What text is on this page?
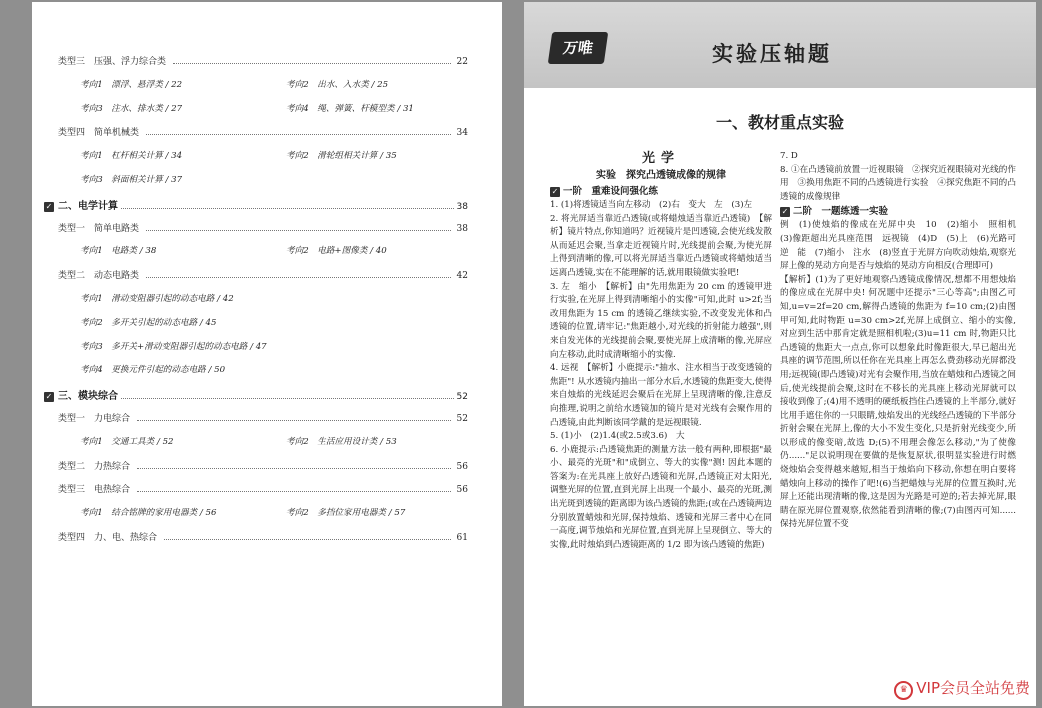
类型三　压强、浮力综合类	22
考向1　漂浮、悬浮类 / 22	考向2　出水、入水类 / 25
考向3　注水、排水类 / 27	考向4　绳、弹簧、杆模型类 / 31
类型四　简单机械类	34
考向1　杠杆相关计算 / 34	考向2　滑轮组相关计算 / 35
考向3　斜面相关计算 / 37
✓ 二、电学计算	38
类型一　简单电路类	38
考向1　电路类 / 38	考向2　电路+图像类 / 40
类型二　动态电路类	42
考向1　滑动变阻器引起的动态电路 / 42
考向2　多开关引起的动态电路 / 45
考向3　多开关+滑动变阻器引起的动态电路 / 47
考向4　更换元件引起的动态电路 / 50
✓ 三、模块综合	52
类型一　力电综合	52
考向1　交通工具类 / 52	考向2　生活应用设计类 / 53
类型二　力热综合	56
类型三　电热综合	56
考向1　结合铭牌的家用电器类 / 56	考向2　多挡位家用电器类 / 57
类型四　力、电、热综合	61
万唯	实验压轴题
一、教材重点实验
光学
实验　探究凸透镜成像的规律
✓ 一阶　重难设问强化练

1. (1)将透镜适当向左移动　(2)右　变大　左　(3)左

2. 将光屏适当靠近凸透镜(或将蜡烛适当靠近凸透镜)　【解析】镜片特点,你知道吗？近视镜片是凹透镜,会使光线发散从而延迟会聚,当拿走近视镜片时,光线提前会聚,为使光屏上得到清晰的像,可以将光屏适当靠近凸透镜或将蜡烛适当远离凸透镜,实在不能理解的话,就用眼镜做实验吧!

3. 左　缩小　【解析】由"先用焦距为 20 cm 的透镜甲进行实验,在光屏上得到清晰缩小的实像"可知,此时 u>2f;当改用焦距为 15 cm 的透镜乙继续实验,不改变发光体和凸透镜的位置,请牢记:"焦距越小,对光线的折射能力越强",则来自发光体的光线提前会聚,要使光屏上成清晰的像,光屏应向左移动,此时成清晰缩小的实像.

4. 远视　【解析】小鹿提示:"抽水、注水相当于改变透镜的焦距"! 从水透镜内抽出一部分水后,水透镜的焦距变大,使得来自烛焰的光线延迟会聚后在光屏上呈现清晰的像,注意反向推理,说明之前给水透镜加的镜片是对光线有会聚作用的凸透镜,由此判断该同学戴的是远视眼镜.

5. (1)小　(2)1.4(或2.5或3.6)　大

6. 小鹿提示:凸透镜焦距的测量方法一般有两种,即根据"最小、最亮的光斑"和"成倒立、等大的实像"测! 因此本题的答案为:在光具座上放好凸透镜和光屏,凸透镜正对太阳光,调整光屏的位置,直到光屏上出现一个最小、最亮的光斑,测出光斑到透镜的距离即为该凸透镜的焦距;(或在凸透镜两边分别放置蜡烛和光屏,保持烛焰、透镜和光屏三者中心在同一高度,调节烛焰和光屏位置,直到光屏上呈现倒立、等大的实像,此时烛焰到凸透镜距离的 1/2 即为该凸透镜的焦距)

7. D

8. ①在凸透镜前放置一近视眼镜　②探究近视眼镜对光线的作用　③换用焦距不同的凸透镜进行实验　④探究焦距不同的凸透镜的成像规律

✓ 二阶　一题练透一实验

例　(1)使烛焰的像成在光屏中央　10　(2)缩小　照相机　(3)像距超出光具座范围　远视镜　(4)D　(5)上　(6)光路可逆　能　(7)缩小　注水　(8)竖直于光屏方向吹动烛焰,观察光屏上像的晃动方向是否与烛焰的晃动方向相反(合理即可)

【解析】(1)为了更好地观察凸透镜成像情况,想都不用想烛焰的像应成在光屏中央! 何况题中还提示"三心等高";由图乙可知,u=v=2f=20 cm,解得凸透镜的焦距为 f=10 cm;(2)由图甲可知,此时物距 u=30 cm>2f,光屏上成倒立、缩小的实像,对应到生活中那肯定就是照相机啦;(3)u=11 cm 时,物距只比凸透镜的焦距大一点点,你可以想象此时像距很大,早已超出光具座的调节范围,所以任你在光具座上再怎么费劲移动光屏都没用;远视镜(即凸透镜)对光有会聚作用,当放在蜡烛和凸透镜之间后,使光线提前会聚,这时在不移长的光具座上移动光屏就可以接收到像了;(4)用不透明的硬纸板挡住凸透镜的上半部分,就好比用手遮住你的一只眼睛,烛焰发出的光线经凸透镜的下半部分折射会聚在光屏上,像的大小不发生变化,只是折射光线变少,所以形成的像变暗,故选 D;(5)不用理会像怎么移动,"为了使像仍......"足以说明现在要做的是恢复原状,很明显实验进行时燃烧烛焰会变得越来越短,相当于烛焰向下移动,你想在明白要将蜡烛向上移动的操作了吧!(6)当把蜡烛与光屏的位置互换时,光屏上还能出现清晰的像,这是因为光路是可逆的;若去掉光屏,眼睛在原光屏位置观察,依然能看到清晰的像;(7)由图丙可知......保持光屏位置不变

♛ VIP会员全站免费
